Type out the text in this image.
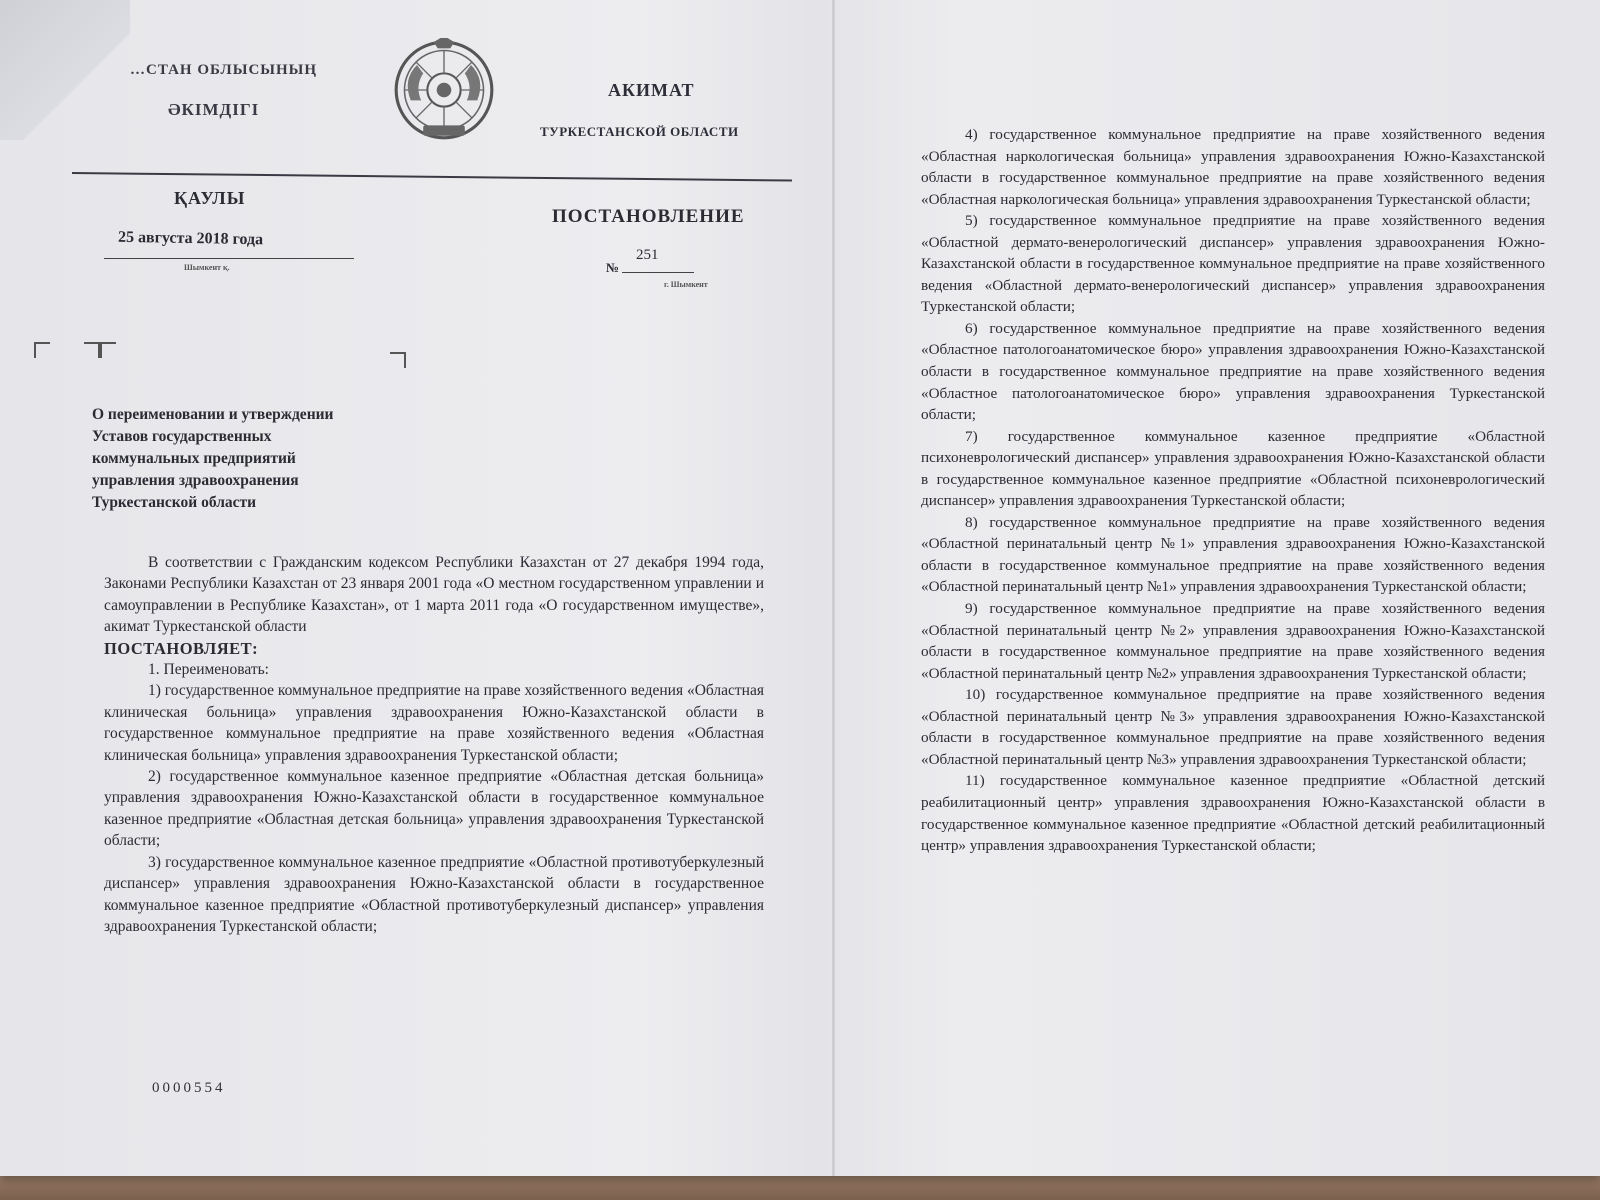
…СТАН ОБЛЫСЫНЫҢ
ӘКІМДІГІ
АКИМАТ
ТУРКЕСТАНСКОЙ ОБЛАСТИ
ҚАУЛЫ
ПОСТАНОВЛЕНИЕ
25 августа 2018 года
Шымкент қ.	№
251
г. Шымкент
О переименовании и утверждении
Уставов государственных
коммунальных предприятий
управления здравоохранения
Туркестанской области

В соответствии с Гражданским кодексом Республики Казахстан от 27 декабря 1994 года, Законами Республики Казахстан от 23 января 2001 года «О местном государственном управлении и самоуправлении в Республике Казахстан», от 1 марта 2011 года «О государственном имуществе», акимат Туркестанской области

ПОСТАНОВЛЯЕТ:

1. Переименовать:

1) государственное коммунальное предприятие на праве хозяйственного ведения «Областная клиническая больница» управления здравоохранения Южно-Казахстанской области в государственное коммунальное предприятие на праве хозяйственного ведения «Областная клиническая больница» управления здравоохранения Туркестанской области;

2) государственное коммунальное казенное предприятие «Областная детская больница» управления здравоохранения Южно-Казахстанской области в государственное коммунальное казенное предприятие «Областная детская больница» управления здравоохранения Туркестанской области;

3) государственное коммунальное казенное предприятие «Областной противотуберкулезный диспансер» управления здравоохранения Южно-Казахстанской области в государственное коммунальное казенное предприятие «Областной противотуберкулезный диспансер» управления здравоохранения Туркестанской области;

0000554

4) государственное коммунальное предприятие на праве хозяйственного ведения «Областная наркологическая больница» управления здравоохранения Южно-Казахстанской области в государственное коммунальное предприятие на праве хозяйственного ведения «Областная наркологическая больница» управления здравоохранения Туркестанской области;

5) государственное коммунальное предприятие на праве хозяйственного ведения «Областной дермато-венерологический диспансер» управления здравоохранения Южно-Казахстанской области в государственное коммунальное предприятие на праве хозяйственного ведения «Областной дермато-венерологический диспансер» управления здравоохранения Туркестанской области;

6) государственное коммунальное предприятие на праве хозяйственного ведения «Областное патологоанатомическое бюро» управления здравоохранения Южно-Казахстанской области в государственное коммунальное предприятие на праве хозяйственного ведения «Областное патологоанатомическое бюро» управления здравоохранения Туркестанской области;

7) государственное коммунальное казенное предприятие «Областной психоневрологический диспансер» управления здравоохранения Южно-Казахстанской области в государственное коммунальное казенное предприятие «Областной психоневрологический диспансер» управления здравоохранения Туркестанской области;

8) государственное коммунальное предприятие на праве хозяйственного ведения «Областной перинатальный центр №1» управления здравоохранения Южно-Казахстанской области в государственное коммунальное предприятие на праве хозяйственного ведения «Областной перинатальный центр №1» управления здравоохранения Туркестанской области;

9) государственное коммунальное предприятие на праве хозяйственного ведения «Областной перинатальный центр №2» управления здравоохранения Южно-Казахстанской области в государственное коммунальное предприятие на праве хозяйственного ведения «Областной перинатальный центр №2» управления здравоохранения Туркестанской области;

10) государственное коммунальное предприятие на праве хозяйственного ведения «Областной перинатальный центр №3» управления здравоохранения Южно-Казахстанской области в государственное коммунальное предприятие на праве хозяйственного ведения «Областной перинатальный центр №3» управления здравоохранения Туркестанской области;

11) государственное коммунальное казенное предприятие «Областной детский реабилитационный центр» управления здравоохранения Южно-Казахстанской области в государственное коммунальное казенное предприятие «Областной детский реабилитационный центр» управления здравоохранения Туркестанской области;
